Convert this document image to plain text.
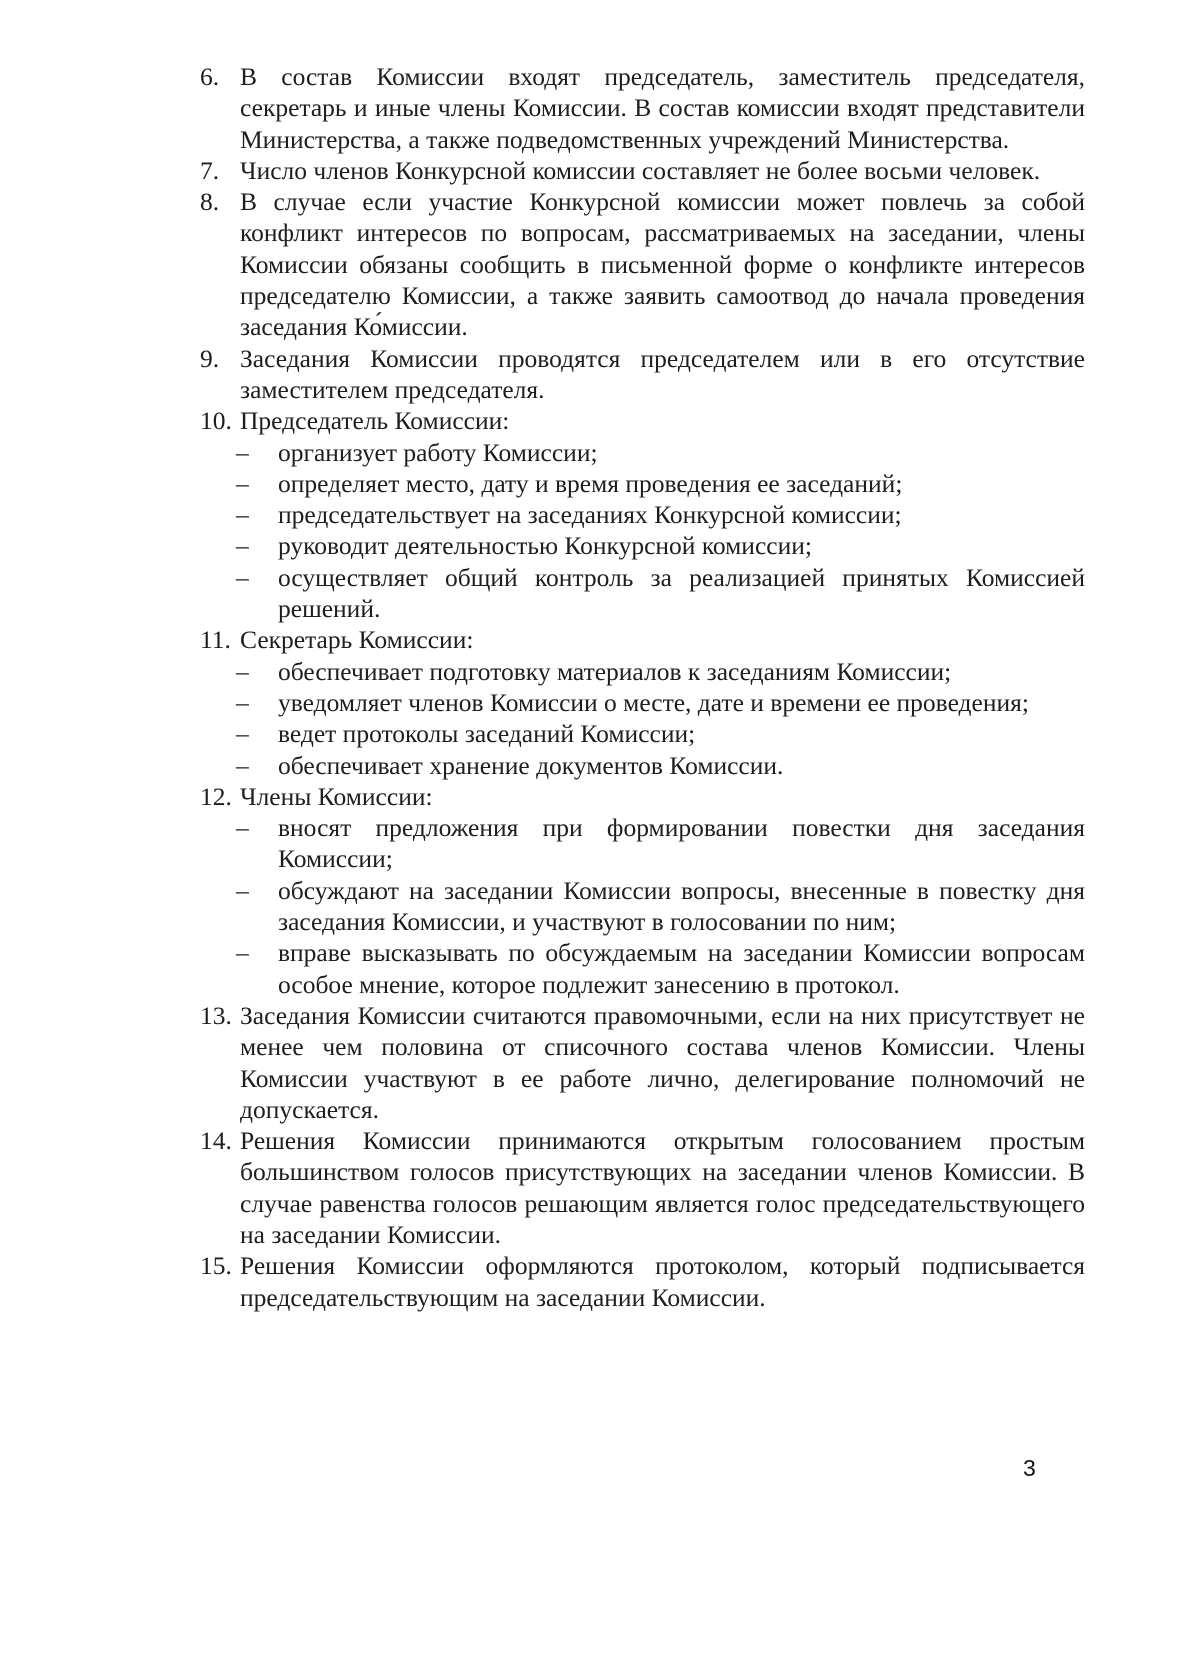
6. В состав Комиссии входят председатель, заместитель председателя, секретарь и иные члены Комиссии. В состав комиссии входят представители Министерства, а также подведомственных учреждений Министерства.
7. Число членов Конкурсной комиссии составляет не более восьми человек.
8. В случае если участие Конкурсной комиссии может повлечь за собой конфликт интересов по вопросам, рассматриваемых на заседании, члены Комиссии обязаны сообщить в письменной форме о конфликте интересов председателю Комиссии, а также заявить самоотвод до начала проведения заседания Ко́миссии.
9. Заседания Комиссии проводятся председателем или в его отсутствие заместителем председателя.
10. Председатель Комиссии:
– организует работу Комиссии;
– определяет место, дату и время проведения ее заседаний;
– председательствует на заседаниях Конкурсной комиссии;
– руководит деятельностью Конкурсной комиссии;
– осуществляет общий контроль за реализацией принятых Комиссией решений.
11. Секретарь Комиссии:
– обеспечивает подготовку материалов к заседаниям Комиссии;
– уведомляет членов Комиссии о месте, дате и времени ее проведения;
– ведет протоколы заседаний Комиссии;
– обеспечивает хранение документов Комиссии.
12. Члены Комиссии:
– вносят предложения при формировании повестки дня заседания Комиссии;
– обсуждают на заседании Комиссии вопросы, внесенные в повестку дня заседания Комиссии, и участвуют в голосовании по ним;
– вправе высказывать по обсуждаемым на заседании Комиссии вопросам особое мнение, которое подлежит занесению в протокол.
13. Заседания Комиссии считаются правомочными, если на них присутствует не менее чем половина от списочного состава членов Комиссии. Члены Комиссии участвуют в ее работе лично, делегирование полномочий не допускается.
14. Решения Комиссии принимаются открытым голосованием простым большинством голосов присутствующих на заседании членов Комиссии. В случае равенства голосов решающим является голос председательствующего на заседании Комиссии.
15. Решения Комиссии оформляются протоколом, который подписывается председательствующим на заседании Комиссии.
3
